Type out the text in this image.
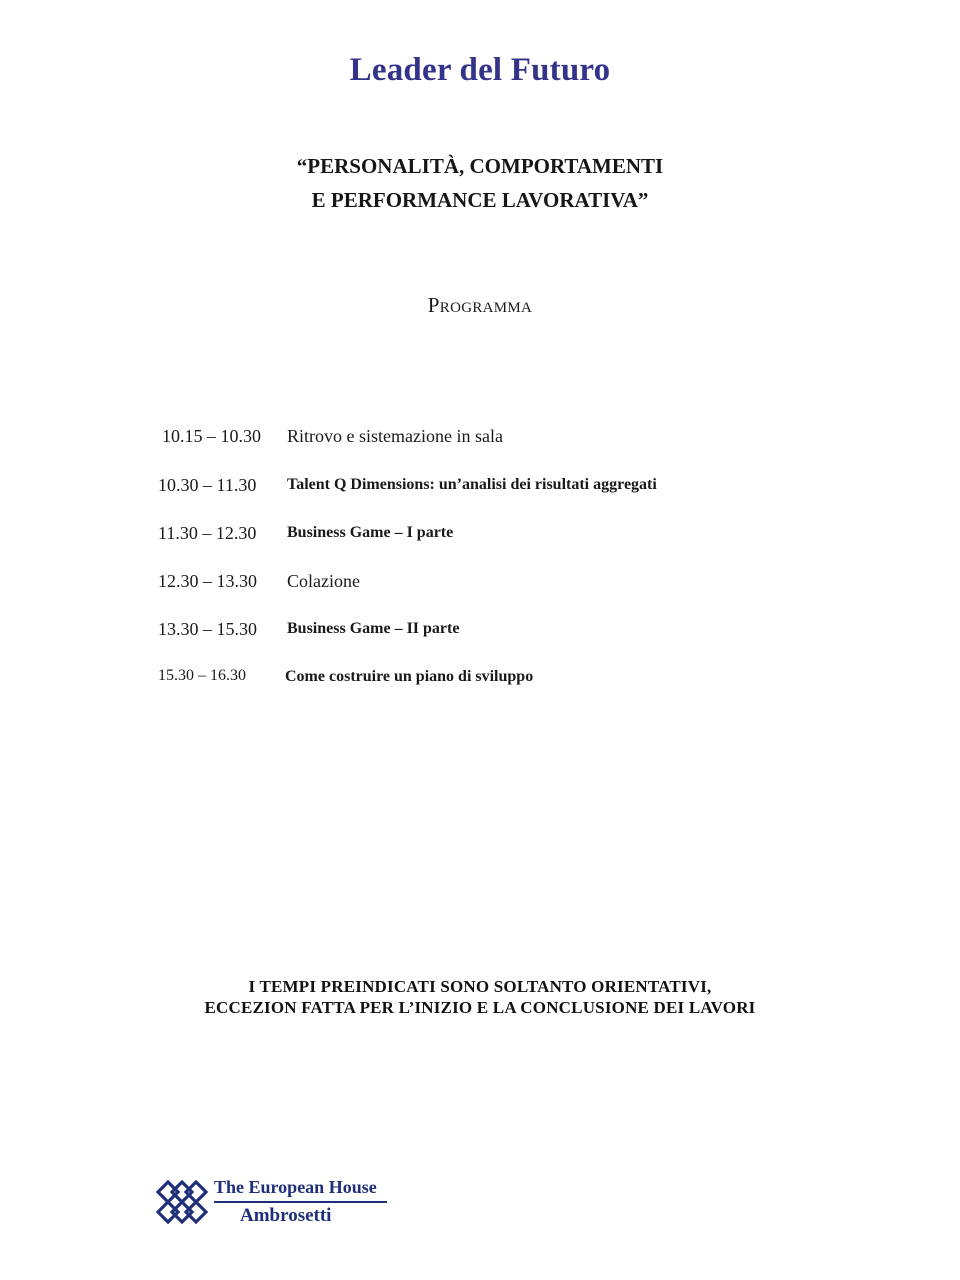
Leader del Futuro
“PERSONALITÀ, COMPORTAMENTI
E PERFORMANCE LAVORATIVA”
Programma
10.15 – 10.30 Ritrovo e sistemazione in sala
10.30 – 11.30 Talent Q Dimensions: un’analisi dei risultati aggregati
11.30 – 12.30 Business Game – I parte
12.30 – 13.30 Colazione
13.30 – 15.30 Business Game – II parte
15.30 – 16.30 Come costruire un piano di sviluppo
I TEMPI PREINDICATI SONO SOLTANTO ORIENTATIVI,
ECCEZION FATTA PER L’INIZIO E LA CONCLUSIONE DEI LAVORI
The European House
Ambrosetti
